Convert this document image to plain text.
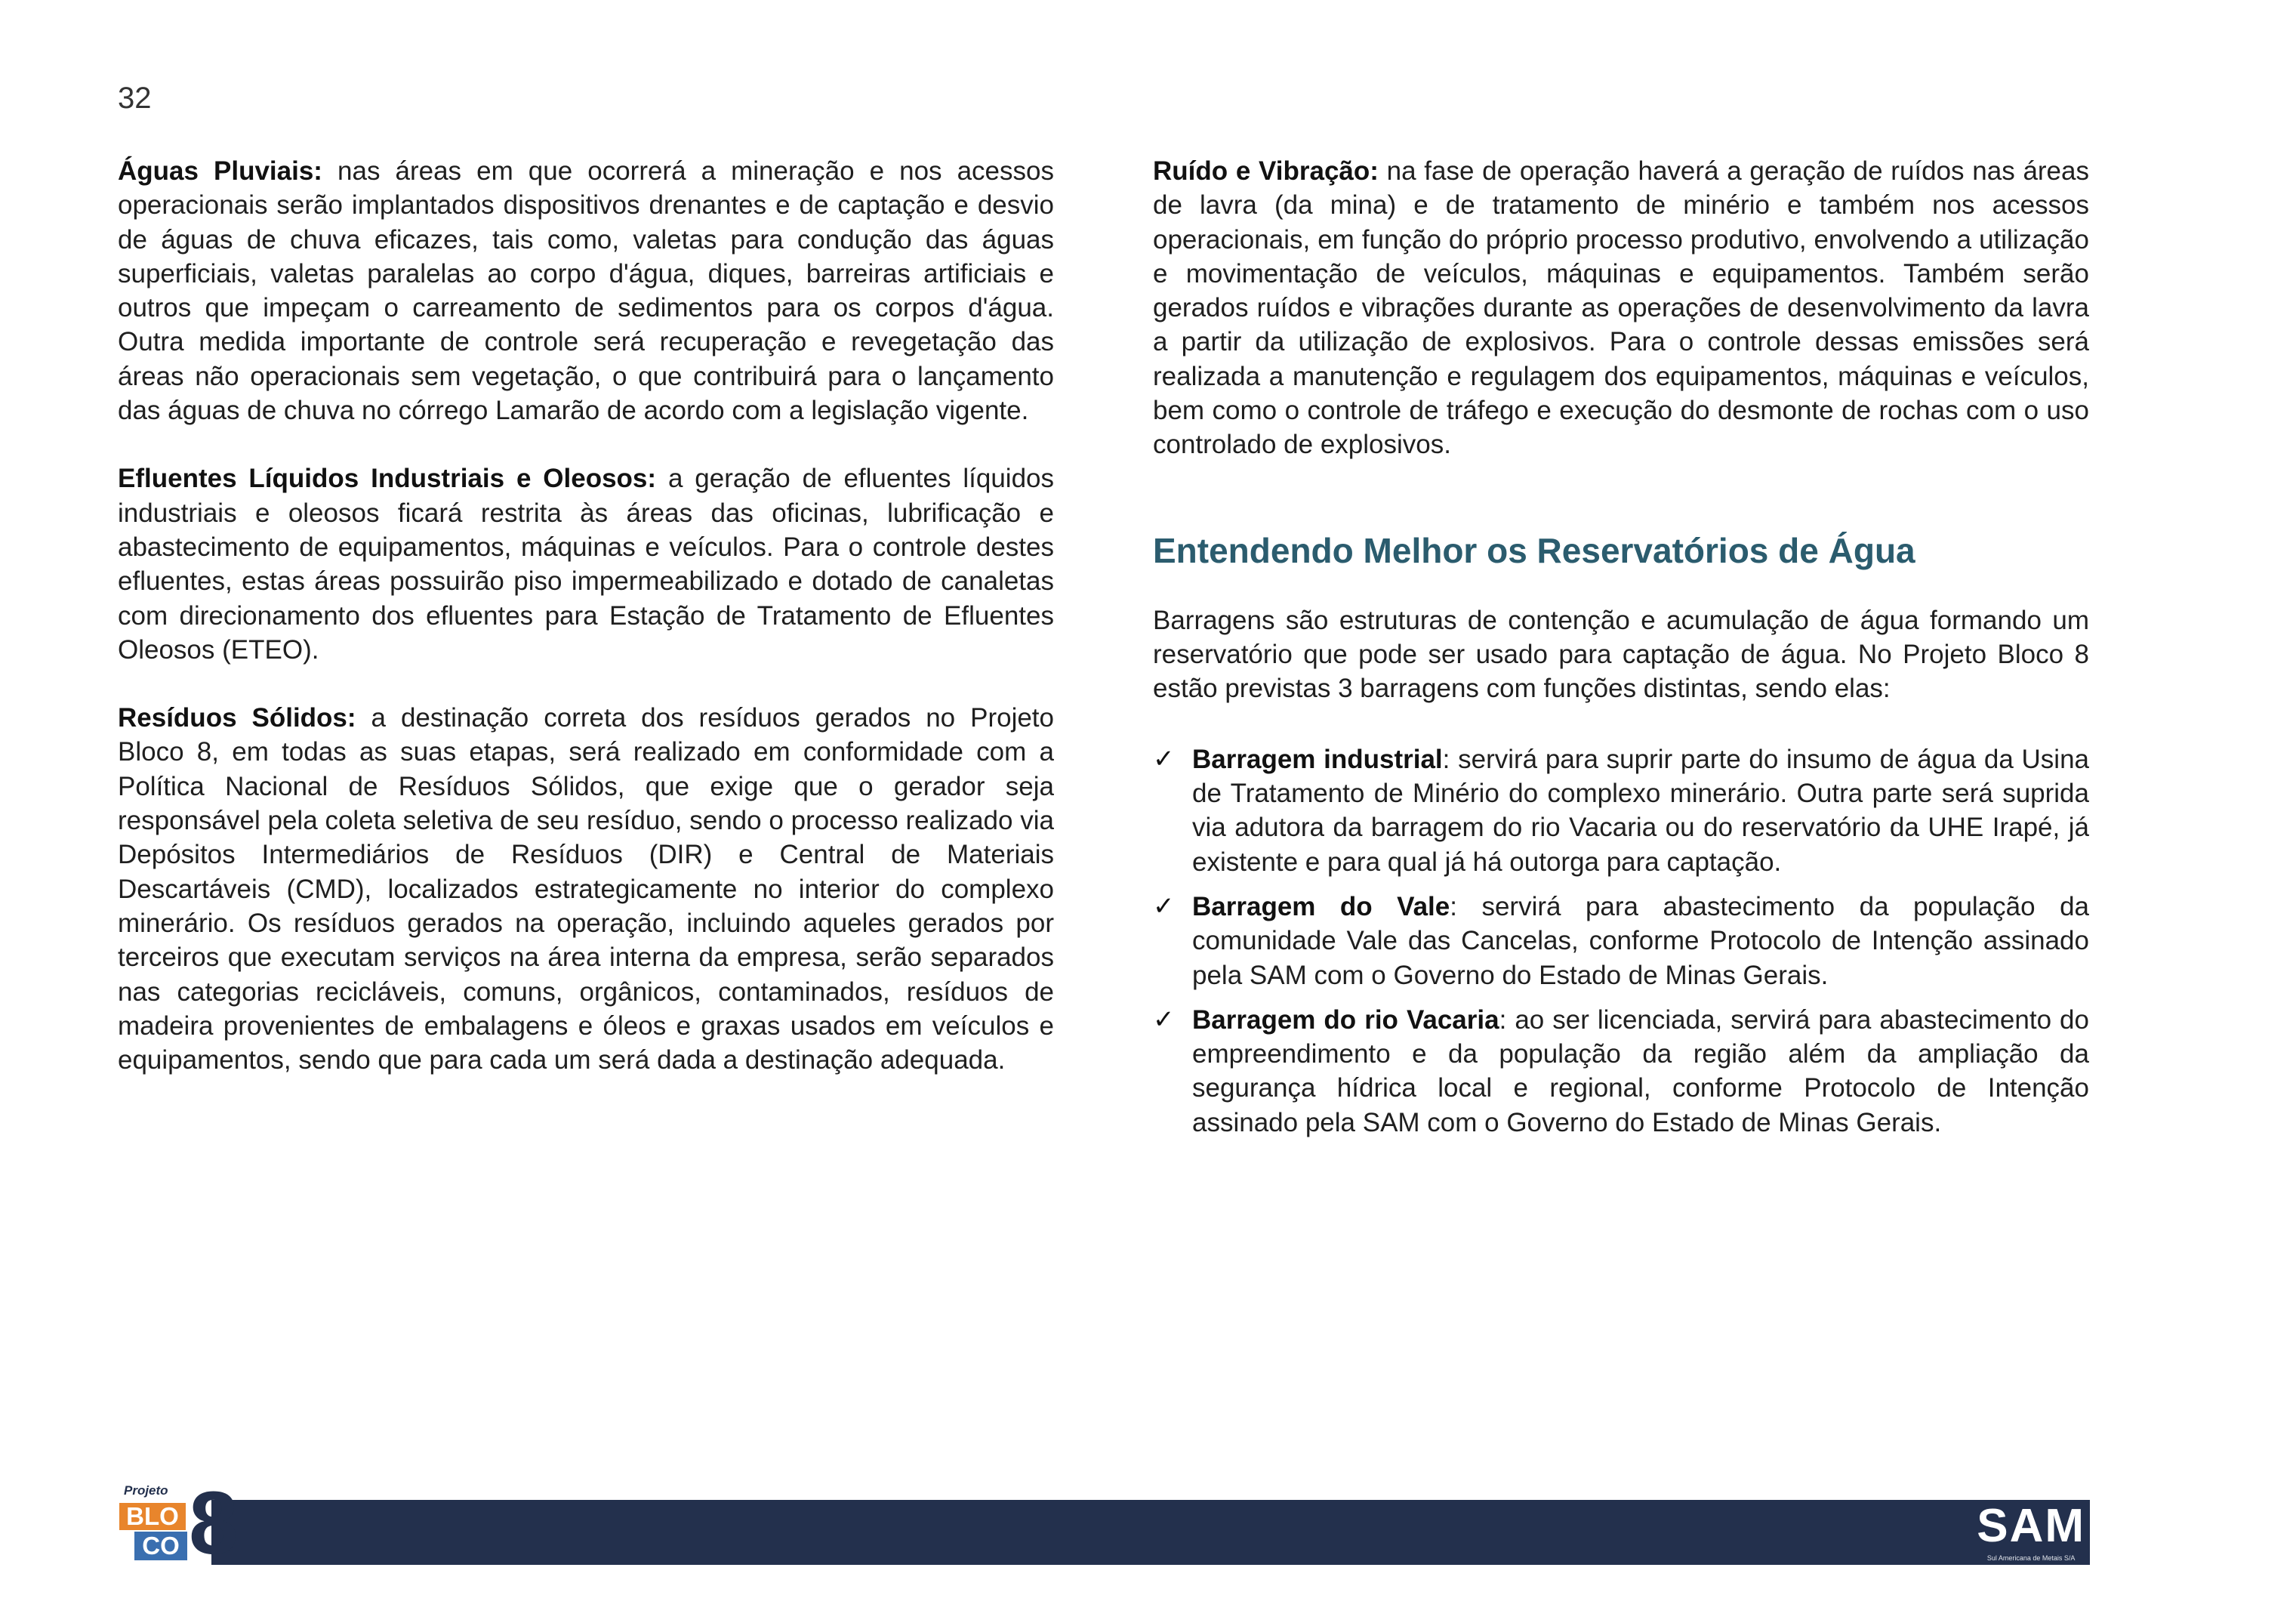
32

Águas Pluviais: nas áreas em que ocorrerá a mineração e nos acessos operacionais serão implantados dispositivos drenantes e de captação e desvio de águas de chuva eficazes, tais como, valetas para condução das águas superficiais, valetas paralelas ao corpo d'água, diques, barreiras artificiais e outros que impeçam o carreamento de sedimentos para os corpos d'água. Outra medida importante de controle será recuperação e revegetação das áreas não operacionais sem vegetação, o que contribuirá para o lançamento das águas de chuva no córrego Lamarão de acordo com a legislação vigente.

Efluentes Líquidos Industriais e Oleosos: a geração de efluentes líquidos industriais e oleosos ficará restrita às áreas das oficinas, lubrificação e abastecimento de equipamentos, máquinas e veículos. Para o controle destes efluentes, estas áreas possuirão piso impermeabilizado e dotado de canaletas com direcionamento dos efluentes para Estação de Tratamento de Efluentes Oleosos (ETEO).

Resíduos Sólidos: a destinação correta dos resíduos gerados no Projeto Bloco 8, em todas as suas etapas, será realizado em conformidade com a Política Nacional de Resíduos Sólidos, que exige que o gerador seja responsável pela coleta seletiva de seu resíduo, sendo o processo realizado via Depósitos Intermediários de Resíduos (DIR) e Central de Materiais Descartáveis (CMD), localizados estrategicamente no interior do complexo minerário. Os resíduos gerados na operação, incluindo aqueles gerados por terceiros que executam serviços na área interna da empresa, serão separados nas categorias recicláveis, comuns, orgânicos, contaminados, resíduos de madeira provenientes de embalagens e óleos e graxas usados em veículos e equipamentos, sendo que para cada um será dada a destinação adequada.

Ruído e Vibração: na fase de operação haverá a geração de ruídos nas áreas de lavra (da mina) e de tratamento de minério e também nos acessos operacionais, em função do próprio processo produtivo, envolvendo a utilização e movimentação de veículos, máquinas e equipamentos. Também serão gerados ruídos e vibrações durante as operações de desenvolvimento da lavra a partir da utilização de explosivos. Para o controle dessas emissões será realizada a manutenção e regulagem dos equipamentos, máquinas e veículos, bem como o controle de tráfego e execução do desmonte de rochas com o uso controlado de explosivos.

Entendendo Melhor os Reservatórios de Água

Barragens são estruturas de contenção e acumulação de água formando um reservatório que pode ser usado para captação de água. No Projeto Bloco 8 estão previstas 3 barragens com funções distintas, sendo elas:

✓ Barragem industrial: servirá para suprir parte do insumo de água da Usina de Tratamento de Minério do complexo minerário. Outra parte será suprida via adutora da barragem do rio Vacaria ou do reservatório da UHE Irapé, já existente e para qual já há outorga para captação.
✓ Barragem do Vale: servirá para abastecimento da população da comunidade Vale das Cancelas, conforme Protocolo de Intenção assinado pela SAM com o Governo do Estado de Minas Gerais.
✓ Barragem do rio Vacaria: ao ser licenciada, servirá para abastecimento do empreendimento e da população da região além da ampliação da segurança hídrica local e regional, conforme Protocolo de Intenção assinado pela SAM com o Governo do Estado de Minas Gerais.
SAM
Sul Americana de Metais S/A
Projeto
BLO
CO 8
